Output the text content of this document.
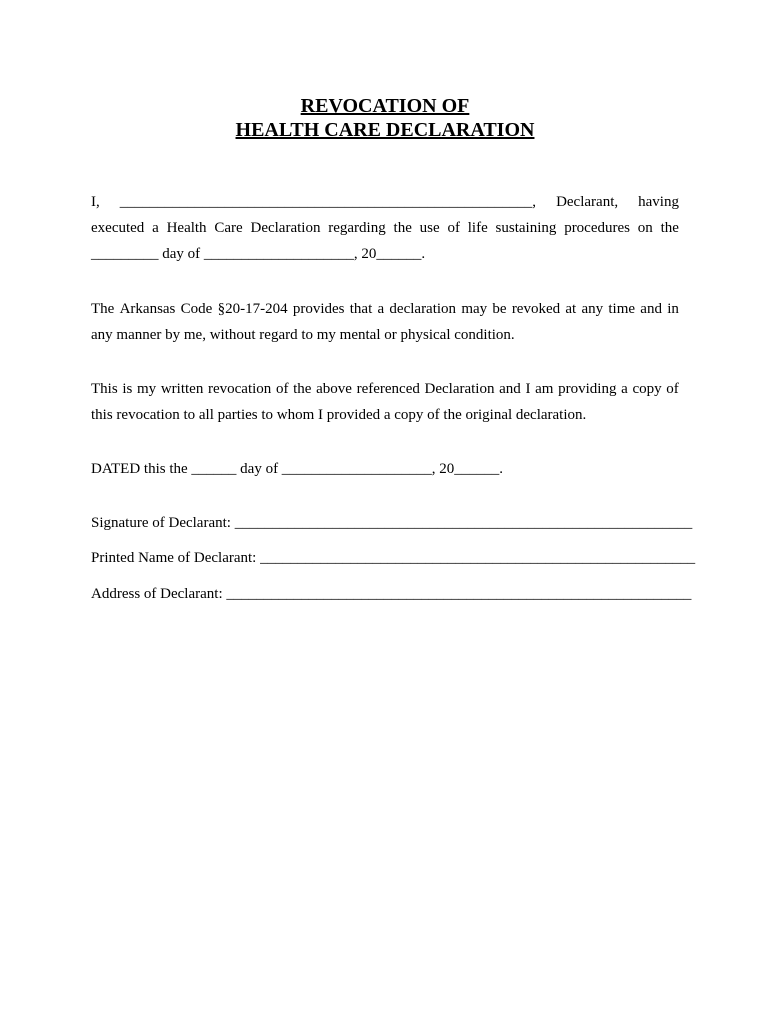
REVOCATION OF

HEALTH CARE DECLARATION

I, _______________________________________________________, Declarant, having
executed a Health Care Declaration regarding the use of life sustaining procedures on the

_________ day of ____________________, 20______.

The Arkansas Code §20-17-204 provides that a declaration may be revoked at any time and in

any manner by me, without regard to my mental or physical condition.

This is my written revocation of the above referenced Declaration and I am providing a copy of

this revocation to all parties to whom I provided a copy of the original declaration.

DATED this the ______ day of ____________________, 20______.

Signature of Declarant: _____________________________________________________________

Printed Name of Declarant: __________________________________________________________

Address of Declarant: ______________________________________________________________
